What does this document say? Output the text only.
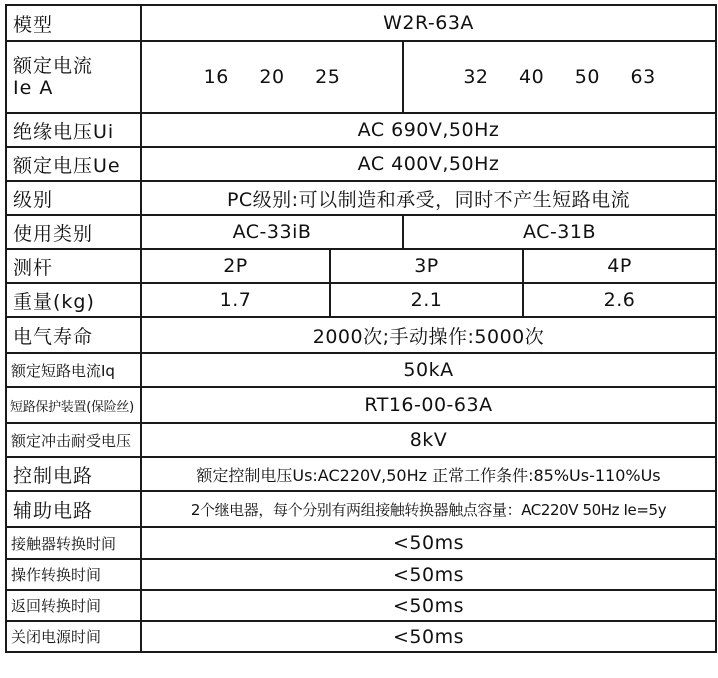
模型	W2R-63A			

额定电流
Ie A	16 20 25		32 40 50 63	
绝缘电压Ui	AC 690V,50Hz			
额定电压Ue	AC 400V,50Hz			
级别	PC级别:可以制造和承受，同时不产生短路电流			
使用类别	AC-33iB		AC-31B	
测杆	2P	3P		4P
重量(kg)	1.7	2.1		2.6
电气寿命	2000次;手动操作:5000次			
额定短路电流Iq	50kA			
短路保护装置(保险丝)	RT16-00-63A			
额定冲击耐受电压	8kV			
控制电路	额定控制电压Us:AC220V,50Hz 正常工作条件:85%Us-110%Us			
辅助电路	2个继电器，每个分别有两组接触转换器触点容量：AC220V 50Hz Ie=5y			
接触器转换时间	<50ms			
操作转换时间	<50ms			
返回转换时间	<50ms			
关闭电源时间	<50ms			
